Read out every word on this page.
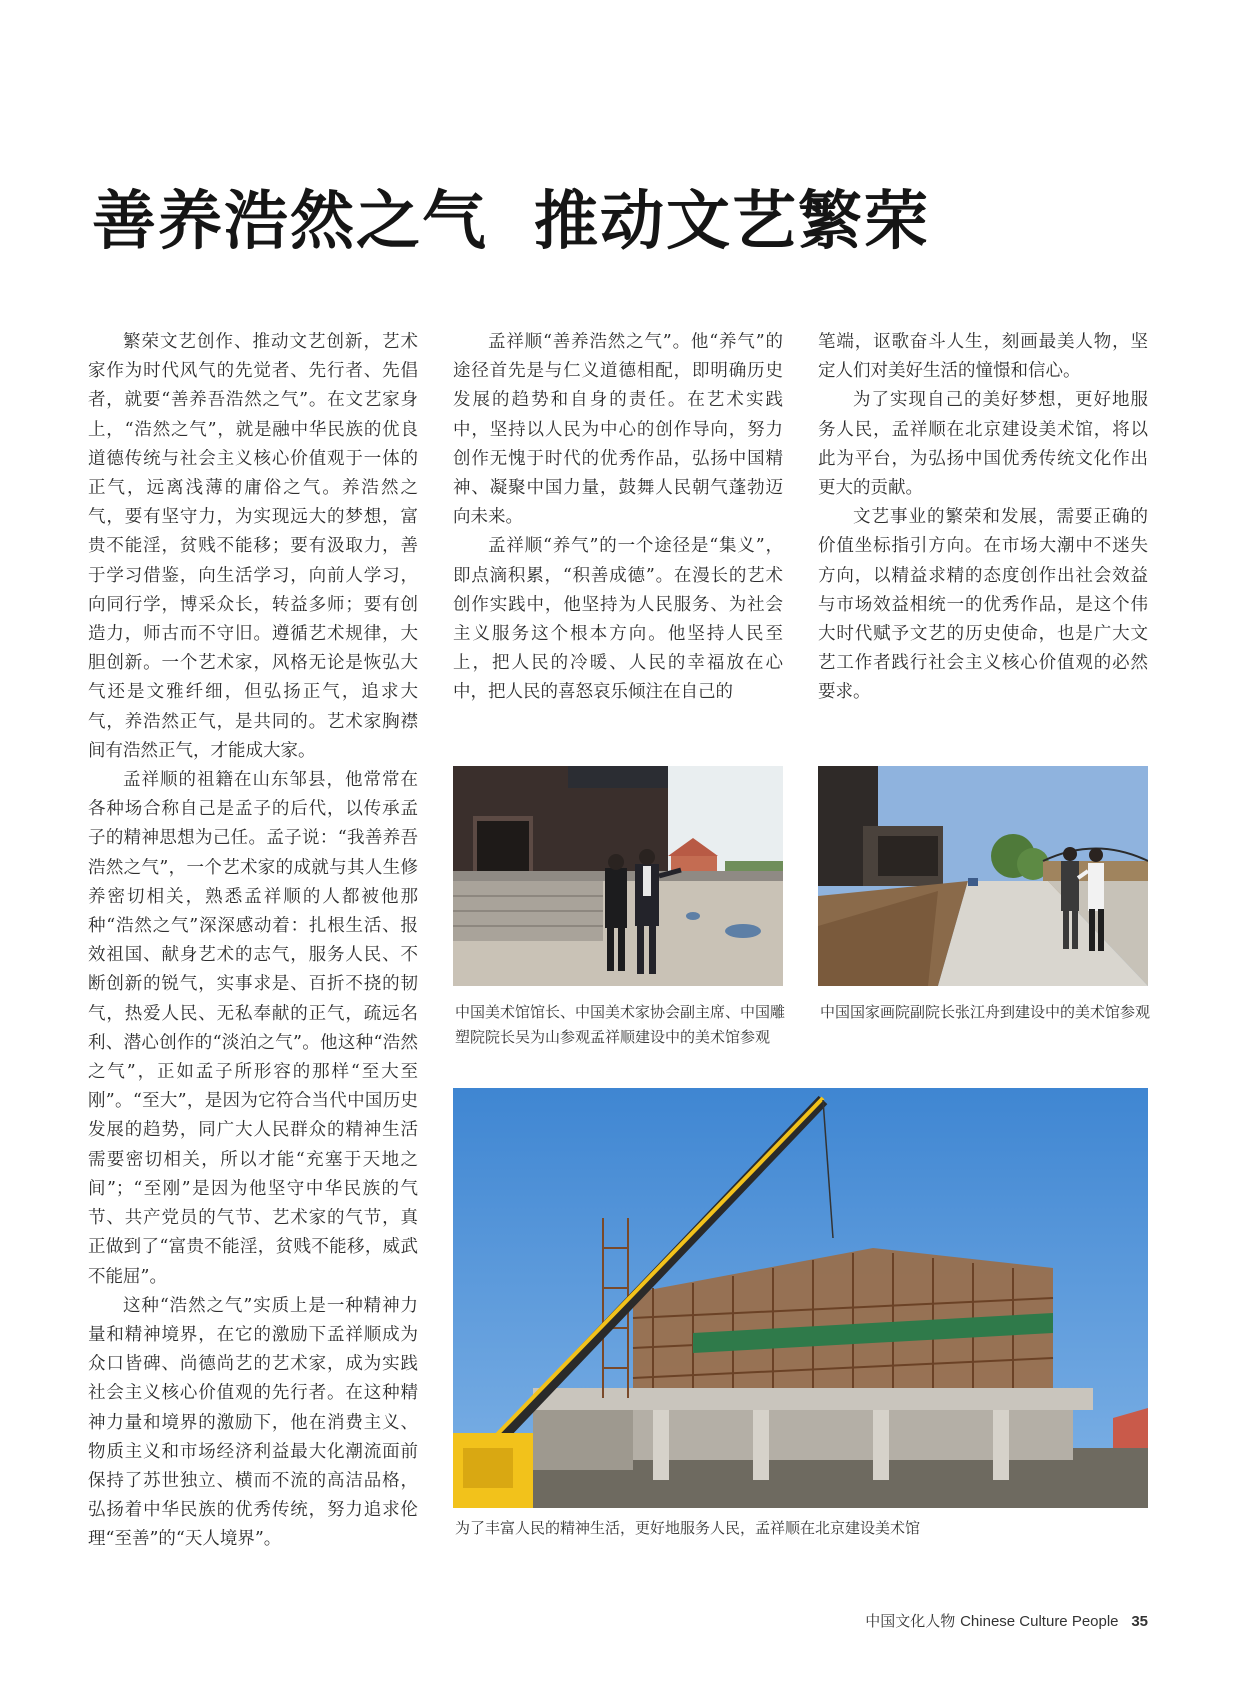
善养浩然之气 推动文艺繁荣

繁荣文艺创作、推动文艺创新，艺术家作为时代风气的先觉者、先行者、先倡者，就要“善养吾浩然之气”。在文艺家身上，“浩然之气”，就是融中华民族的优良道德传统与社会主义核心价值观于一体的正气，远离浅薄的庸俗之气。养浩然之气，要有坚守力，为实现远大的梦想，富贵不能淫，贫贱不能移；要有汲取力，善于学习借鉴，向生活学习，向前人学习，向同行学，博采众长，转益多师；要有创造力，师古而不守旧。遵循艺术规律，大胆创新。一个艺术家，风格无论是恢弘大气还是文雅纤细，但弘扬正气，追求大气，养浩然正气，是共同的。艺术家胸襟间有浩然正气，才能成大家。

孟祥顺的祖籍在山东邹县，他常常在各种场合称自己是孟子的后代，以传承孟子的精神思想为己任。孟子说：“我善养吾浩然之气”，一个艺术家的成就与其人生修养密切相关，熟悉孟祥顺的人都被他那种“浩然之气”深深感动着：扎根生活、报效祖国、献身艺术的志气，服务人民、不断创新的锐气，实事求是、百折不挠的韧气，热爱人民、无私奉献的正气，疏远名利、潜心创作的“淡泊之气”。他这种“浩然之气”，正如孟子所形容的那样“至大至刚”。“至大”，是因为它符合当代中国历史发展的趋势，同广大人民群众的精神生活需要密切相关，所以才能“充塞于天地之间”；“至刚”是因为他坚守中华民族的气节、共产党员的气节、艺术家的气节，真正做到了“富贵不能淫，贫贱不能移，威武不能屈”。

这种“浩然之气”实质上是一种精神力量和精神境界，在它的激励下孟祥顺成为众口皆碑、尚德尚艺的艺术家，成为实践社会主义核心价值观的先行者。在这种精神力量和境界的激励下，他在消费主义、物质主义和市场经济利益最大化潮流面前保持了苏世独立、横而不流的高洁品格，弘扬着中华民族的优秀传统，努力追求伦理“至善”的“天人境界”。

孟祥顺“善养浩然之气”。他“养气”的途径首先是与仁义道德相配，即明确历史发展的趋势和自身的责任。在艺术实践中，坚持以人民为中心的创作导向，努力创作无愧于时代的优秀作品，弘扬中国精神、凝聚中国力量，鼓舞人民朝气蓬勃迈向未来。

孟祥顺“养气”的一个途径是“集义”，即点滴积累，“积善成德”。在漫长的艺术创作实践中，他坚持为人民服务、为社会主义服务这个根本方向。他坚持人民至上，把人民的冷暖、人民的幸福放在心中，把人民的喜怒哀乐倾注在自己的

笔端，讴歌奋斗人生，刻画最美人物，坚定人们对美好生活的憧憬和信心。

为了实现自己的美好梦想，更好地服务人民，孟祥顺在北京建设美术馆，将以此为平台，为弘扬中国优秀传统文化作出更大的贡献。

文艺事业的繁荣和发展，需要正确的价值坐标指引方向。在市场大潮中不迷失方向，以精益求精的态度创作出社会效益与市场效益相统一的优秀作品，是这个伟大时代赋予文艺的历史使命，也是广大文艺工作者践行社会主义核心价值观的必然要求。

中国美术馆馆长、中国美术家协会副主席、中国雕塑院院长吴为山参观孟祥顺建设中的美术馆参观
中国国家画院副院长张江舟到建设中的美术馆参观
为了丰富人民的精神生活，更好地服务人民，孟祥顺在北京建设美术馆
中国文化人物 Chinese Culture People 35
